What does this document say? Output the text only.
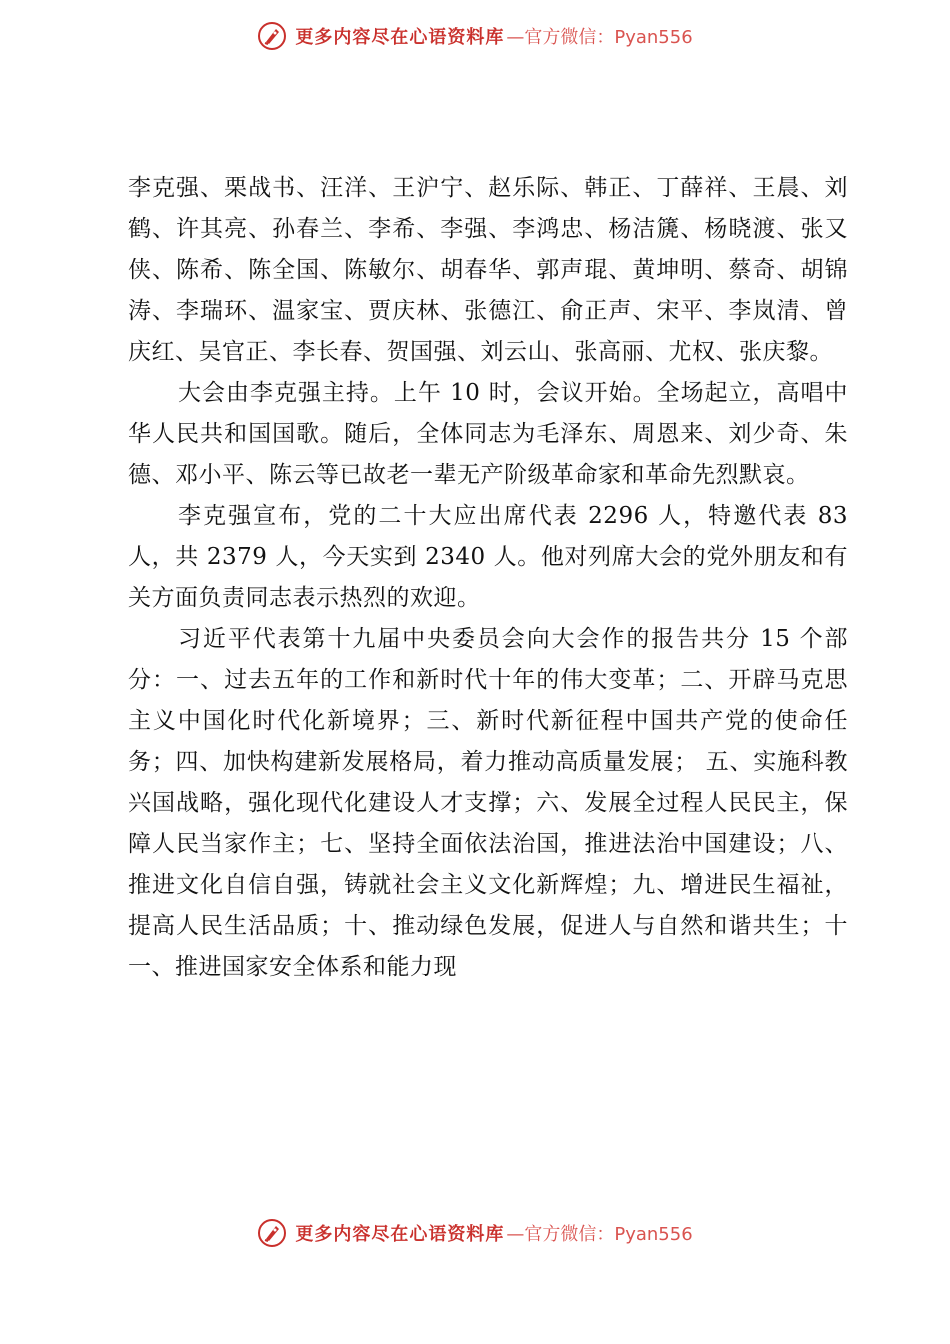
更多内容尽在心语资料库 —官方微信：Pyan556

李克强、栗战书、汪洋、王沪宁、赵乐际、韩正、丁薛祥、王晨、刘鹤、许其亮、孙春兰、李希、李强、李鸿忠、杨洁篪、杨晓渡、张又侠、陈希、陈全国、陈敏尔、胡春华、郭声琨、黄坤明、蔡奇、胡锦涛、李瑞环、温家宝、贾庆林、张德江、俞正声、宋平、李岚清、曾庆红、吴官正、李长春、贺国强、刘云山、张高丽、尤权、张庆黎。

大会由李克强主持。上午 10 时，会议开始。全场起立，高唱中华人民共和国国歌。随后，全体同志为毛泽东、周恩来、刘少奇、朱德、邓小平、陈云等已故老一辈无产阶级革命家和革命先烈默哀。

李克强宣布，党的二十大应出席代表 2296 人，特邀代表 83 人，共 2379 人，今天实到 2340 人。他对列席大会的党外朋友和有关方面负责同志表示热烈的欢迎。

习近平代表第十九届中央委员会向大会作的报告共分 15 个部分：一、过去五年的工作和新时代十年的伟大变革；二、开辟马克思主义中国化时代化新境界；三、新时代新征程中国共产党的使命任务；四、加快构建新发展格局，着力推动高质量发展； 五、实施科教兴国战略，强化现代化建设人才支撑；六、发展全过程人民民主，保障人民当家作主；七、坚持全面依法治国，推进法治中国建设；八、推进文化自信自强，铸就社会主义文化新辉煌；九、增进民生福祉，提高人民生活品质；十、推动绿色发展，促进人与自然和谐共生；十一、推进国家安全体系和能力现

更多内容尽在心语资料库 —官方微信：Pyan556
